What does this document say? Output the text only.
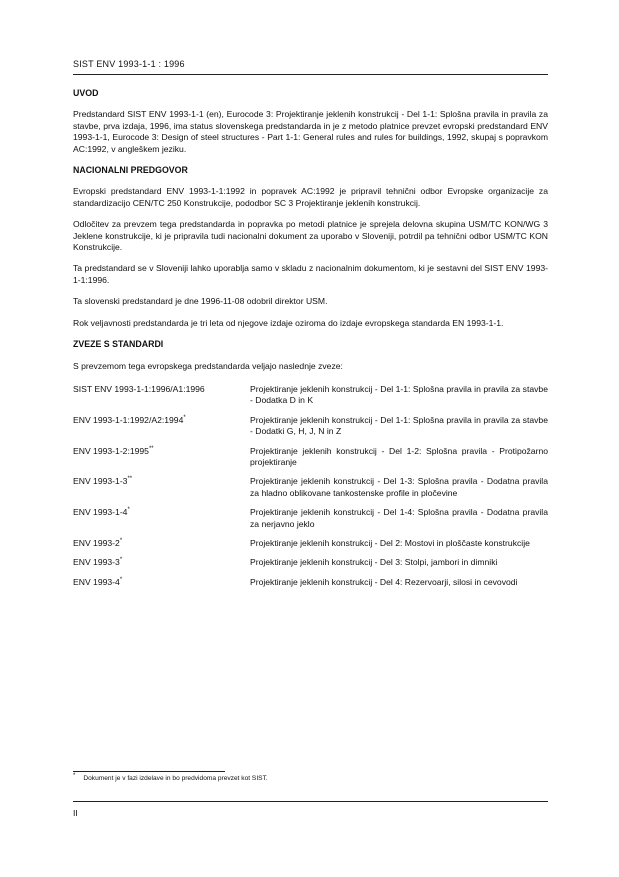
SIST ENV 1993-1-1 : 1996
UVOD

Predstandard SIST ENV 1993-1-1 (en), Eurocode 3: Projektiranje jeklenih konstrukcij - Del 1-1: Splošna pravila in pravila za stavbe, prva izdaja, 1996, ima status slovenskega predstandarda in je z metodo platnice prevzet evropski predstandard ENV 1993-1-1, Eurocode 3: Design of steel structures - Part 1-1: General rules and rules for buildings, 1992, skupaj s popravkom AC:1992, v angleškem jeziku.

NACIONALNI PREDGOVOR

Evropski predstandard ENV 1993-1-1:1992 in popravek AC:1992 je pripravil tehnični odbor Evropske organizacije za standardizacijo CEN/TC 250 Konstrukcije, pododbor SC 3 Projektiranje jeklenih konstrukcij.

Odločitev za prevzem tega predstandarda in popravka po metodi platnice je sprejela delovna skupina USM/TC KON/WG 3 Jeklene konstrukcije, ki je pripravila tudi nacionalni dokument za uporabo v Sloveniji, potrdil pa tehnični odbor USM/TC KON Konstrukcije.

Ta predstandard se v Sloveniji lahko uporablja samo v skladu z nacionalnim dokumentom, ki je sestavni del SIST ENV 1993-1-1:1996.

Ta slovenski predstandard je dne 1996-11-08 odobril direktor USM.

Rok veljavnosti predstandarda je tri leta od njegove izdaje oziroma do izdaje evropskega standarda EN 1993-1-1.

ZVEZE S STANDARDI

S prevzemom tega evropskega predstandarda veljajo naslednje zveze:

SIST ENV 1993-1-1:1996/A1:1996	Projektiranje jeklenih konstrukcij - Del 1-1: Splošna pravila in pravila za stavbe - Dodatka D in K
ENV 1993-1-1:1992/A2:1994*	Projektiranje jeklenih konstrukcij - Del 1-1: Splošna pravila in pravila za stavbe - Dodatki G, H, J, N in Z
ENV 1993-1-2:1995**	Projektiranje jeklenih konstrukcij - Del 1-2: Splošna pravila - Protipožarno projektiranje
ENV 1993-1-3**	Projektiranje jeklenih konstrukcij - Del 1-3: Splošna pravila - Dodatna pravila za hladno oblikovane tankostenske profile in pločevine
ENV 1993-1-4*	Projektiranje jeklenih konstrukcij - Del 1-4: Splošna pravila - Dodatna pravila za nerjavno jeklo
ENV 1993-2*	Projektiranje jeklenih konstrukcij - Del 2: Mostovi in ploščaste konstrukcije
ENV 1993-3*	Projektiranje jeklenih konstrukcij - Del 3: Stolpi, jambori in dimniki
ENV 1993-4*	Projektiranje jeklenih konstrukcij - Del 4: Rezervoarji, silosi in cevovodi
* Dokument je v fazi izdelave in bo predvidoma prevzet kot SIST.
II
